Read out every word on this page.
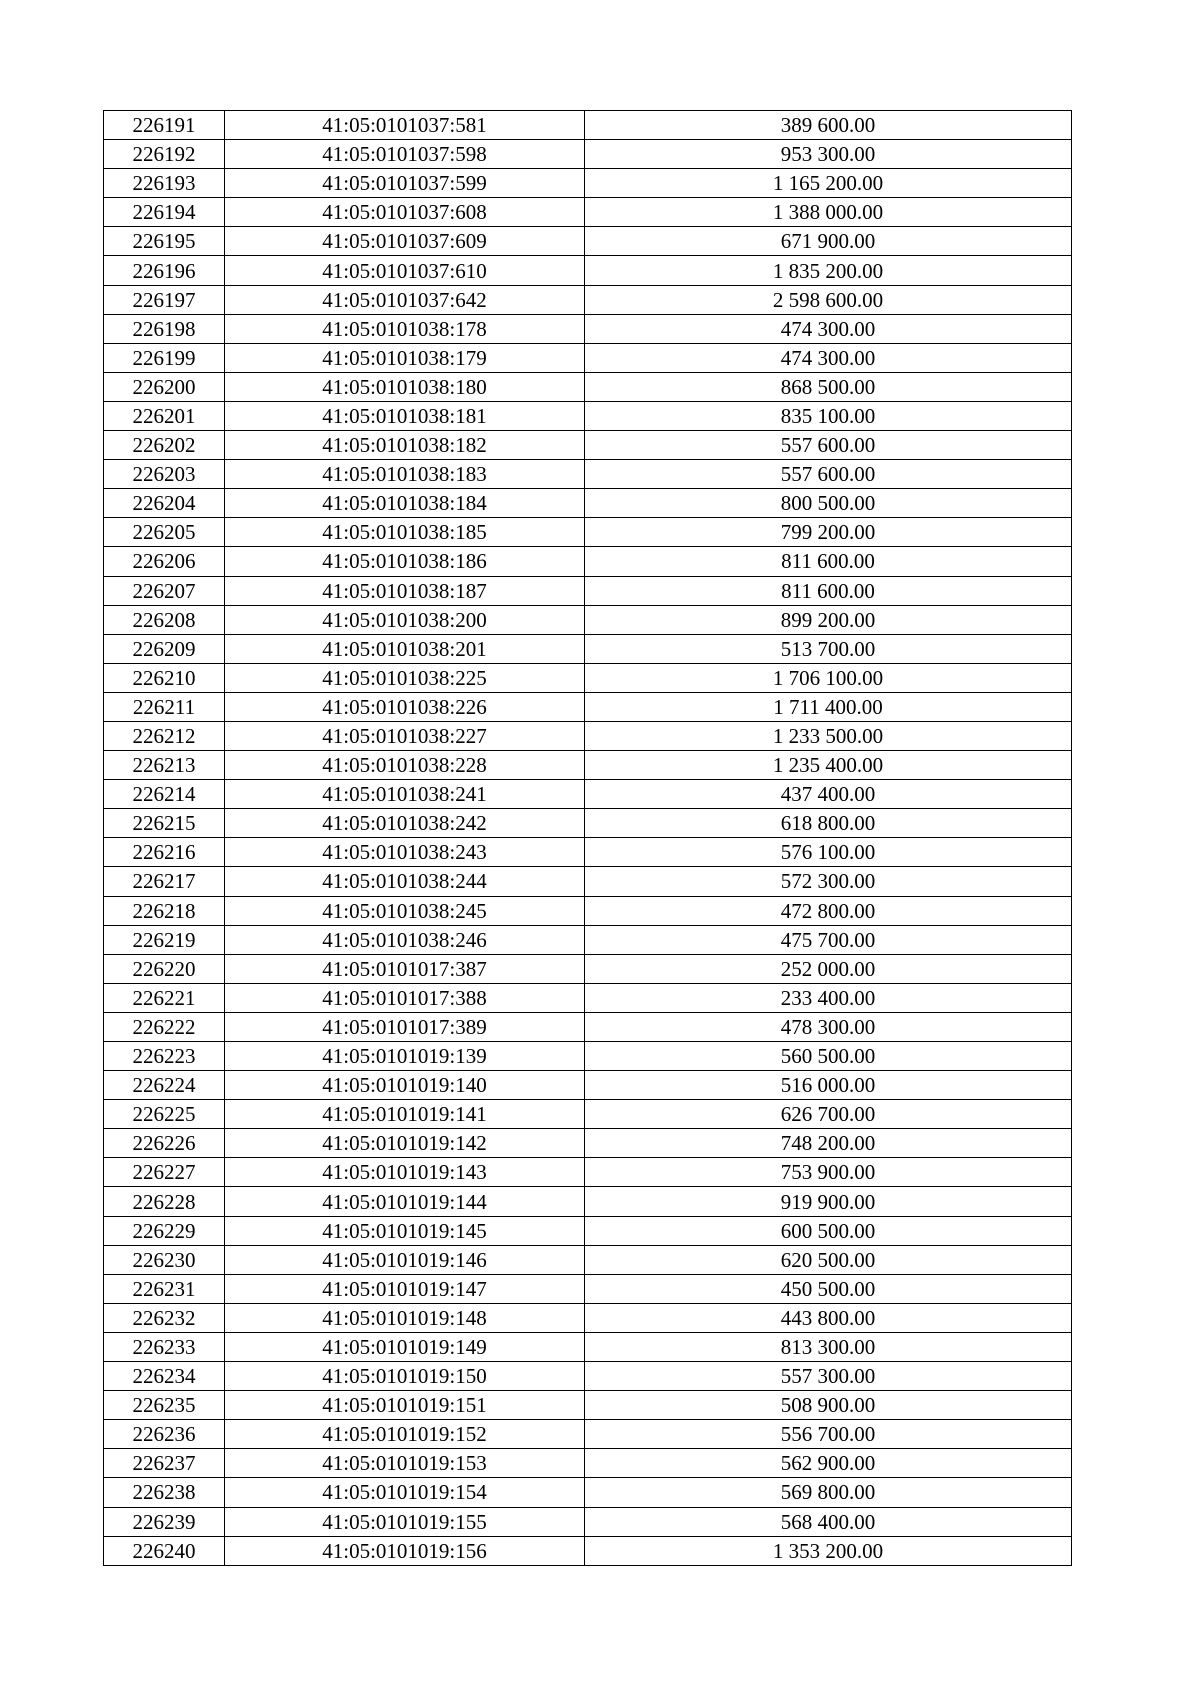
226191	41:05:0101037:581	389 600.00
226192	41:05:0101037:598	953 300.00
226193	41:05:0101037:599	1 165 200.00
226194	41:05:0101037:608	1 388 000.00
226195	41:05:0101037:609	671 900.00
226196	41:05:0101037:610	1 835 200.00
226197	41:05:0101037:642	2 598 600.00
226198	41:05:0101038:178	474 300.00
226199	41:05:0101038:179	474 300.00
226200	41:05:0101038:180	868 500.00
226201	41:05:0101038:181	835 100.00
226202	41:05:0101038:182	557 600.00
226203	41:05:0101038:183	557 600.00
226204	41:05:0101038:184	800 500.00
226205	41:05:0101038:185	799 200.00
226206	41:05:0101038:186	811 600.00
226207	41:05:0101038:187	811 600.00
226208	41:05:0101038:200	899 200.00
226209	41:05:0101038:201	513 700.00
226210	41:05:0101038:225	1 706 100.00
226211	41:05:0101038:226	1 711 400.00
226212	41:05:0101038:227	1 233 500.00
226213	41:05:0101038:228	1 235 400.00
226214	41:05:0101038:241	437 400.00
226215	41:05:0101038:242	618 800.00
226216	41:05:0101038:243	576 100.00
226217	41:05:0101038:244	572 300.00
226218	41:05:0101038:245	472 800.00
226219	41:05:0101038:246	475 700.00
226220	41:05:0101017:387	252 000.00
226221	41:05:0101017:388	233 400.00
226222	41:05:0101017:389	478 300.00
226223	41:05:0101019:139	560 500.00
226224	41:05:0101019:140	516 000.00
226225	41:05:0101019:141	626 700.00
226226	41:05:0101019:142	748 200.00
226227	41:05:0101019:143	753 900.00
226228	41:05:0101019:144	919 900.00
226229	41:05:0101019:145	600 500.00
226230	41:05:0101019:146	620 500.00
226231	41:05:0101019:147	450 500.00
226232	41:05:0101019:148	443 800.00
226233	41:05:0101019:149	813 300.00
226234	41:05:0101019:150	557 300.00
226235	41:05:0101019:151	508 900.00
226236	41:05:0101019:152	556 700.00
226237	41:05:0101019:153	562 900.00
226238	41:05:0101019:154	569 800.00
226239	41:05:0101019:155	568 400.00
226240	41:05:0101019:156	1 353 200.00
